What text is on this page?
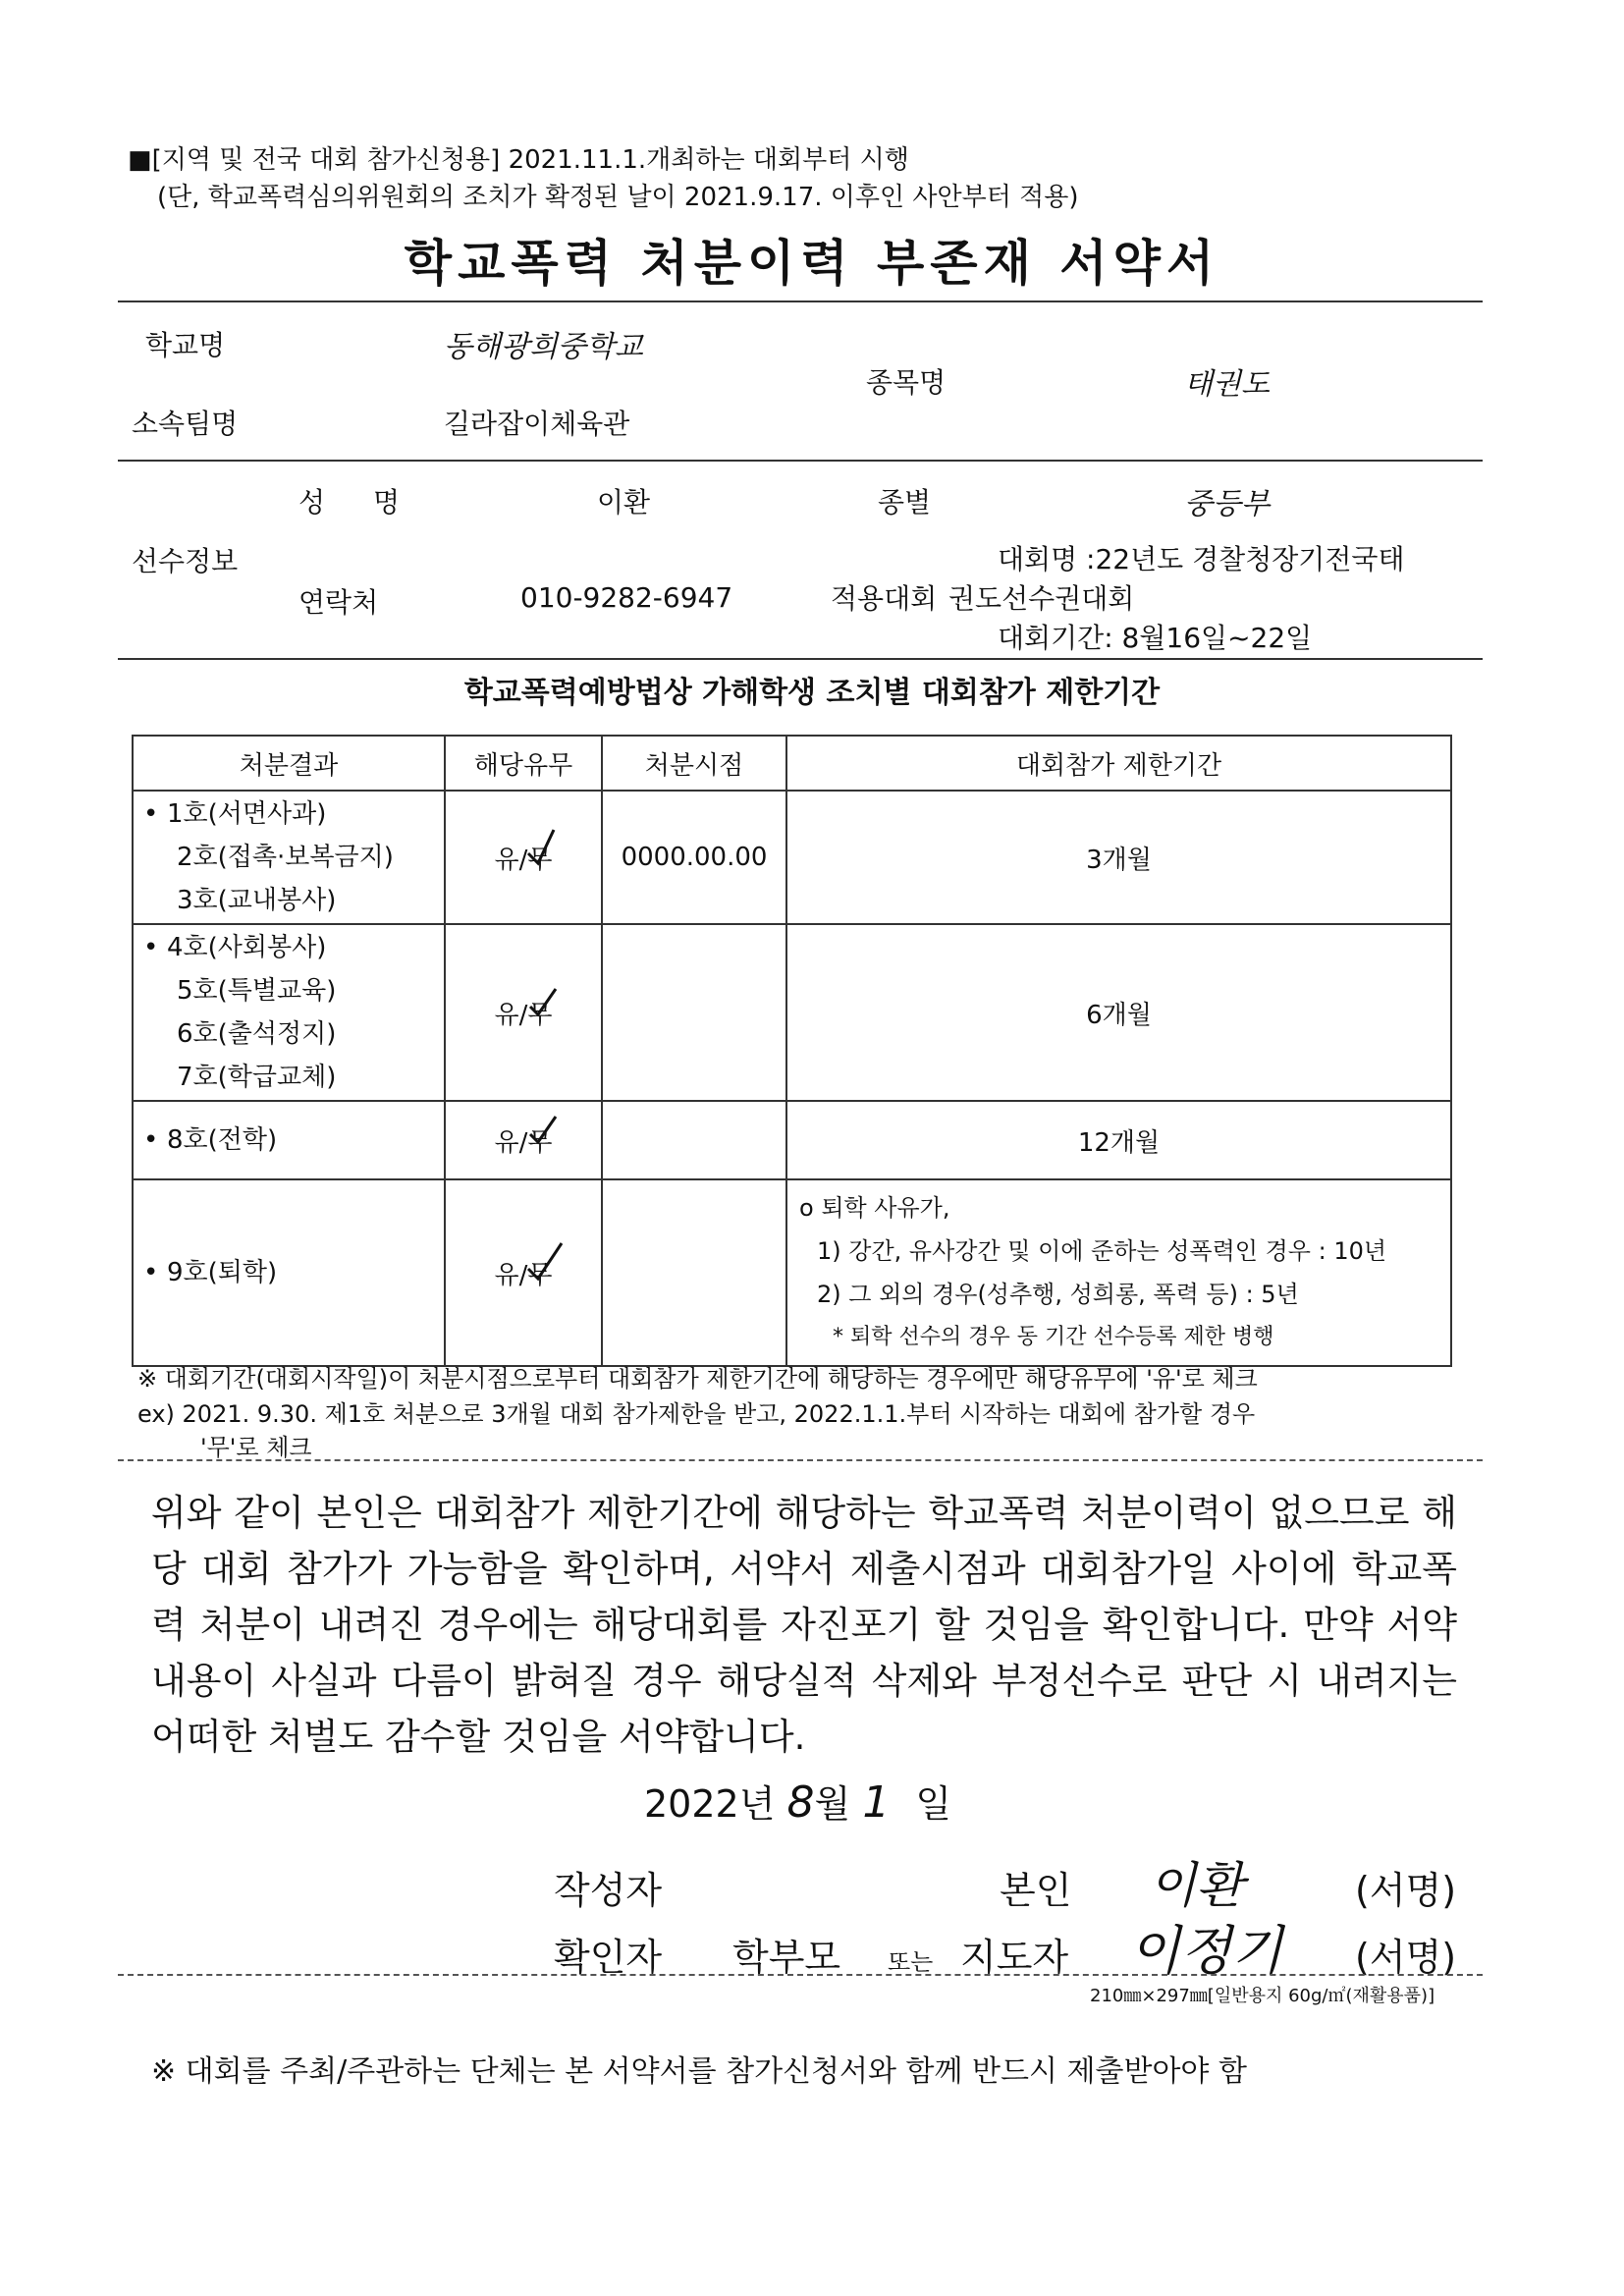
■[지역 및 전국 대회 참가신청용] 2021.11.1.개최하는 대회부터 시행
(단, 학교폭력심의위원회의 조치가 확정된 날이 2021.9.17. 이후인 사안부터 적용)
학교폭력 처분이력 부존재 서약서
학교명	동해광희중학교
종목명	태권도
소속팀명	길라잡이체육관
성 명	이환	종별	중등부
선수정보	대회명 :22년도 경찰청장기전국태
연락처	010-9282-6947	적용대회 권도선수권대회
대회기간: 8월16일~22일
학교폭력예방법상 가해학생 조치별 대회참가 제한기간
처분결과	해당유무	처분시점	대회참가 제한기간

• 1호(서면사과)
2호(접촉·보복금지)
3호(교내봉사)	유/무	0000.00.00	3개월

• 4호(사회봉사)
5호(특별교육)
6호(출석정지)
7호(학급교체)	유/무		6개월

• 8호(전학)	유/무		12개월

• 9호(퇴학)	유/무		o 퇴학 사유가,
1) 강간, 유사강간 및 이에 준하는 성폭력인 경우 : 10년
2) 그 외의 경우(성추행, 성희롱, 폭력 등) : 5년
* 퇴학 선수의 경우 동 기간 선수등록 제한 병행
※ 대회기간(대회시작일)이 처분시점으로부터 대회참가 제한기간에 해당하는 경우에만 해당유무에 '유'로 체크
ex) 2021. 9.30. 제1호 처분으로 3개월 대회 참가제한을 받고, 2022.1.1.부터 시작하는 대회에 참가할 경우
'무'로 체크
위와 같이 본인은 대회참가 제한기간에 해당하는 학교폭력 처분이력이 없으므로 해당 대회 참가가 가능함을 확인하며, 서약서 제출시점과 대회참가일 사이에 학교폭력 처분이 내려진 경우에는 해당대회를 자진포기 할 것임을 확인합니다. 만약 서약내용이 사실과 다름이 밝혀질 경우 해당실적 삭제와 부정선수로 판단 시 내려지는 어떠한 처벌도 감수할 것임을 서약합니다.
2022년 8월 1 일
작성자	본인 이환	(서명)
확인자 학부모 또는 지도자 이정기 (서명)
210㎜×297㎜[일반용지 60g/㎡(재활용품)]
※ 대회를 주최/주관하는 단체는 본 서약서를 참가신청서와 함께 반드시 제출받아야 함
